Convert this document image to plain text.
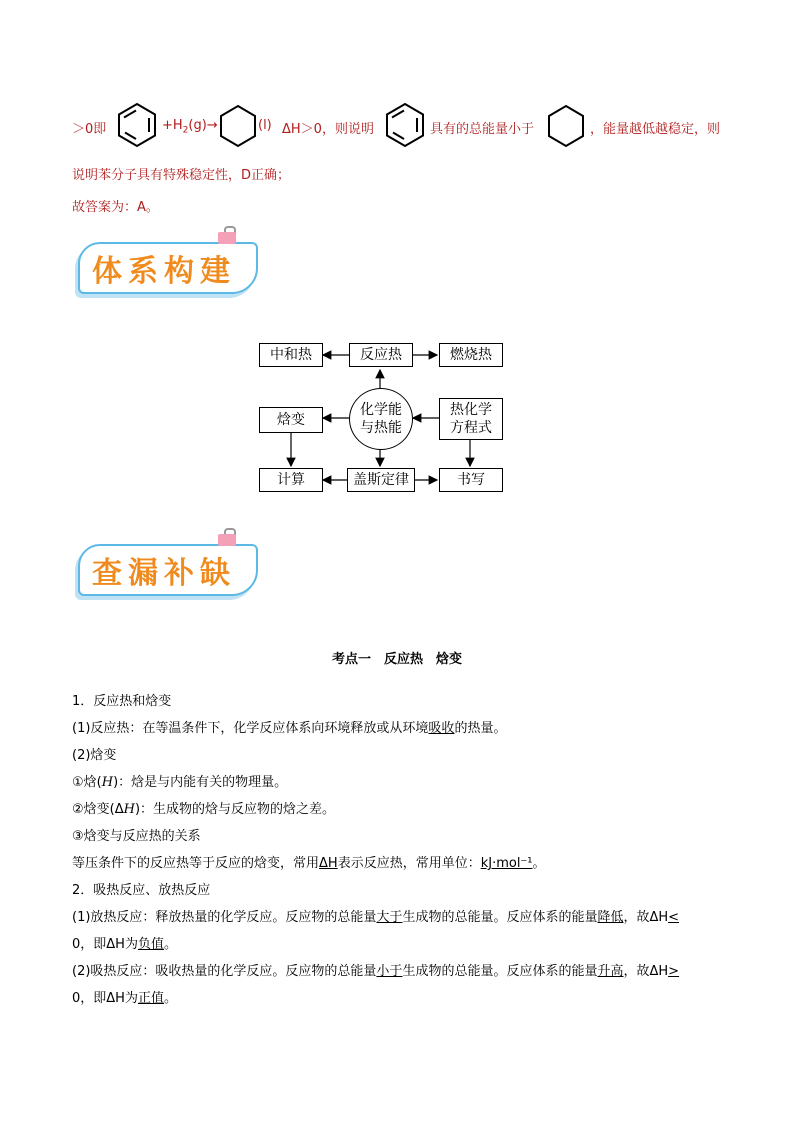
＞0即	$+H_2(g)\to$	(l) ΔH＞0，则说明	具有的总能量小于	，能量越低越稳定，则
说明苯分子具有特殊稳定性，D正确；
故答案为：A。
体系构建
中和热	反应热	燃烧热
化学能
与热能
焓变
热化学
方程式
计算	盖斯定律	书写
查漏补缺
考点一　反应热　焓变
1．反应热和焓变
(1)反应热：在等温条件下，化学反应体系向环境释放或从环境吸收的热量。
(2)焓变
①焓(H)：焓是与内能有关的物理量。
②焓变(ΔH)：生成物的焓与反应物的焓之差。
③焓变与反应热的关系
等压条件下的反应热等于反应的焓变，常用ΔH表示反应热，常用单位：kJ·mol⁻¹。
2．吸热反应、放热反应
(1)放热反应：释放热量的化学反应。反应物的总能量大于生成物的总能量。反应体系的能量降低，故ΔH<
0，即ΔH为负值。
(2)吸热反应：吸收热量的化学反应。反应物的总能量小于生成物的总能量。反应体系的能量升高，故ΔH>
0，即ΔH为正值。
